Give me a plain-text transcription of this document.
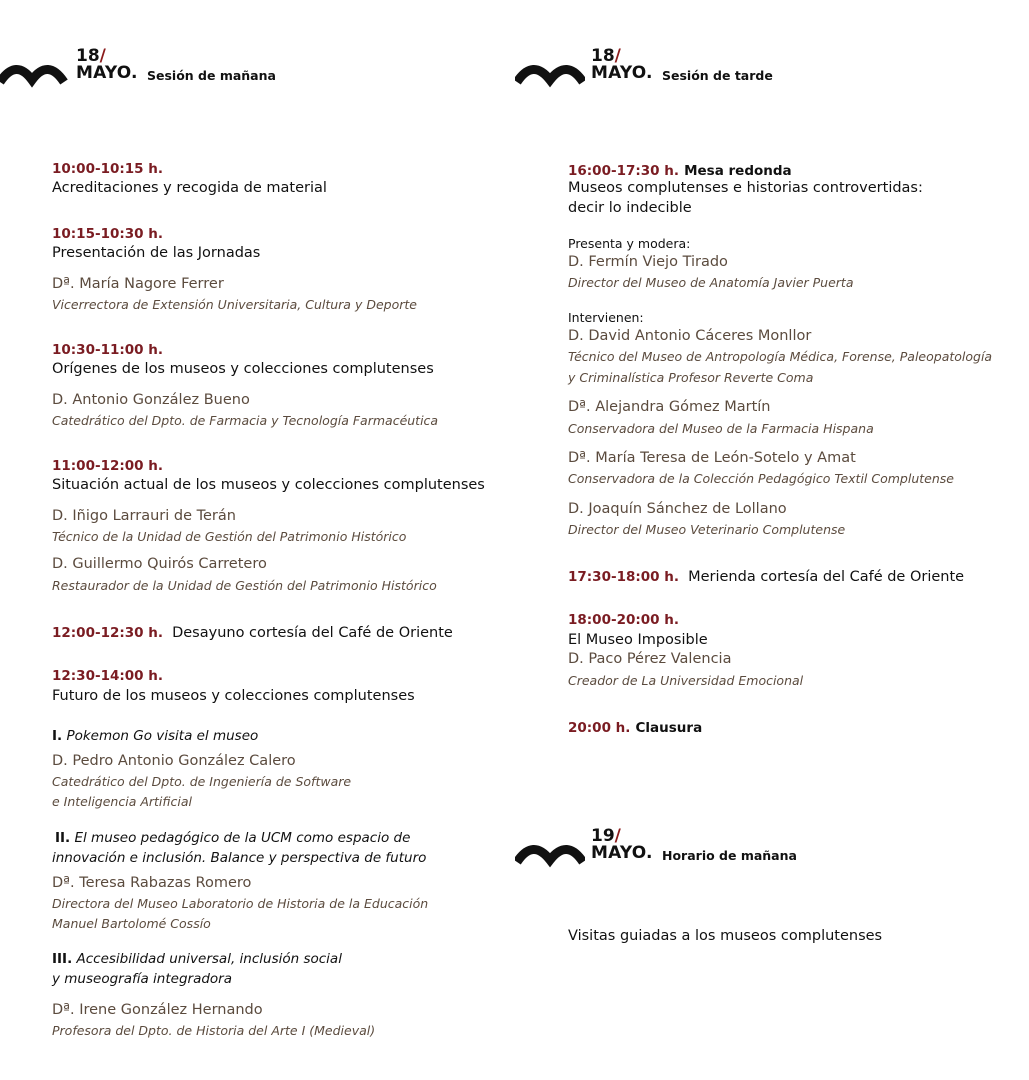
18/
MAYO. Sesión de mañana
18/
MAYO. Sesión de tarde
19/
MAYO. Horario de mañana
10:00-10:15 h.
Acreditaciones y recogida de material
10:15-10:30 h.
Presentación de las Jornadas
Dª. María Nagore Ferrer
Vicerrectora de Extensión Universitaria, Cultura y Deporte
10:30-11:00 h.
Orígenes de los museos y colecciones complutenses
D. Antonio González Bueno
Catedrático del Dpto. de Farmacia y Tecnología Farmacéutica
11:00-12:00 h.
Situación actual de los museos y colecciones complutenses
D. Iñigo Larrauri de Terán
Técnico de la Unidad de Gestión del Patrimonio Histórico
D. Guillermo Quirós Carretero
Restaurador de la Unidad de Gestión del Patrimonio Histórico
12:00-12:30 h. Desayuno cortesía del Café de Oriente
12:30-14:00 h.
Futuro de los museos y colecciones complutenses
I. Pokemon Go visita el museo
D. Pedro Antonio González Calero
Catedrático del Dpto. de Ingeniería de Software
e Inteligencia Artificial
II. El museo pedagógico de la UCM como espacio de
innovación e inclusión. Balance y perspectiva de futuro
Dª. Teresa Rabazas Romero
Directora del Museo Laboratorio de Historia de la Educación
Manuel Bartolomé Cossío
III. Accesibilidad universal, inclusión social
y museografía integradora
Dª. Irene González Hernando
Profesora del Dpto. de Historia del Arte I (Medieval)
16:00-17:30 h. Mesa redonda
Museos complutenses e historias controvertidas:
decir lo indecible
Presenta y modera:
D. Fermín Viejo Tirado
Director del Museo de Anatomía Javier Puerta
Intervienen:
D. David Antonio Cáceres Monllor
Técnico del Museo de Antropología Médica, Forense, Paleopatología
y Criminalística Profesor Reverte Coma
Dª. Alejandra Gómez Martín
Conservadora del Museo de la Farmacia Hispana
Dª. María Teresa de León-Sotelo y Amat
Conservadora de la Colección Pedagógico Textil Complutense
D. Joaquín Sánchez de Lollano
Director del Museo Veterinario Complutense
17:30-18:00 h. Merienda cortesía del Café de Oriente
18:00-20:00 h.
El Museo Imposible
D. Paco Pérez Valencia
Creador de La Universidad Emocional
20:00 h. Clausura
Visitas guiadas a los museos complutenses
